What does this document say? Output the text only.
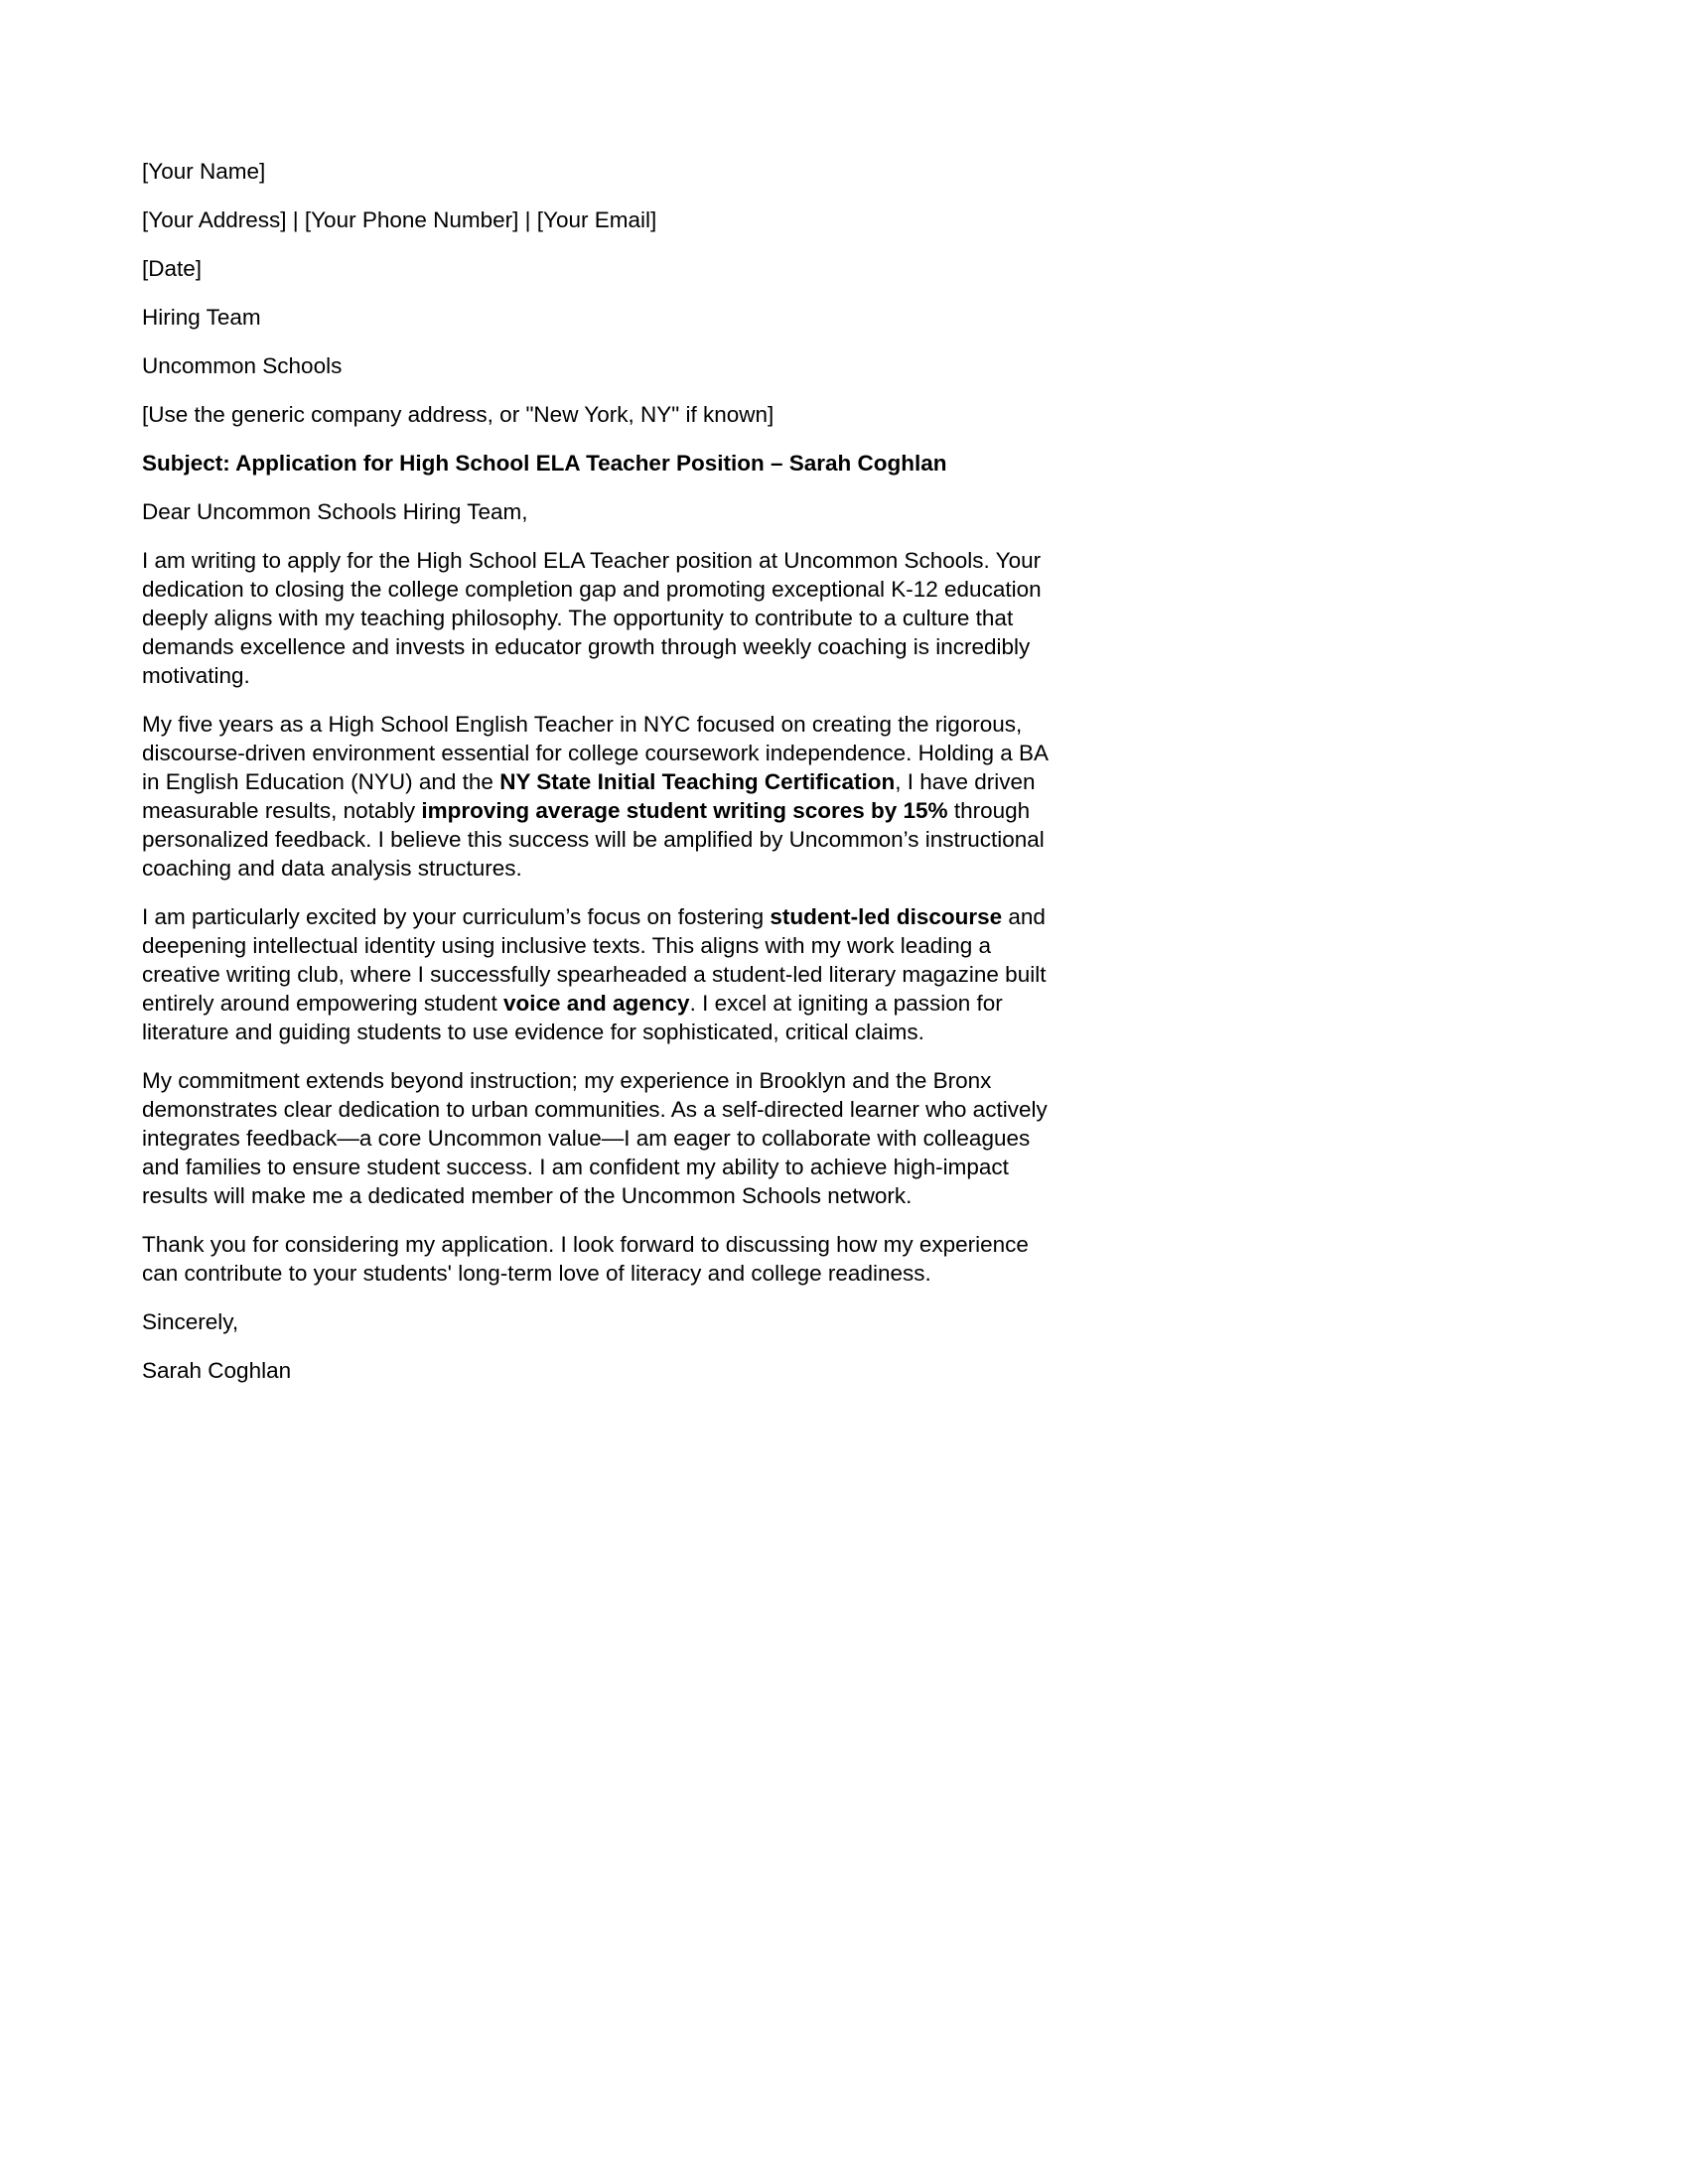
[Your Name]

[Your Address] | [Your Phone Number] | [Your Email]

[Date]

Hiring Team

Uncommon Schools

[Use the generic company address, or "New York, NY" if known]

Subject: Application for High School ELA Teacher Position – Sarah Coghlan

Dear Uncommon Schools Hiring Team,

I am writing to apply for the High School ELA Teacher position at Uncommon Schools. Your dedication to closing the college completion gap and promoting exceptional K-12 education deeply aligns with my teaching philosophy. The opportunity to contribute to a culture that demands excellence and invests in educator growth through weekly coaching is incredibly motivating.

My five years as a High School English Teacher in NYC focused on creating the rigorous, discourse-driven environment essential for college coursework independence. Holding a BA in English Education (NYU) and the NY State Initial Teaching Certification, I have driven measurable results, notably improving average student writing scores by 15% through personalized feedback. I believe this success will be amplified by Uncommon’s instructional coaching and data analysis structures.

I am particularly excited by your curriculum’s focus on fostering student-led discourse and deepening intellectual identity using inclusive texts. This aligns with my work leading a creative writing club, where I successfully spearheaded a student-led literary magazine built entirely around empowering student voice and agency. I excel at igniting a passion for literature and guiding students to use evidence for sophisticated, critical claims.

My commitment extends beyond instruction; my experience in Brooklyn and the Bronx demonstrates clear dedication to urban communities. As a self-directed learner who actively integrates feedback—a core Uncommon value—I am eager to collaborate with colleagues and families to ensure student success. I am confident my ability to achieve high-impact results will make me a dedicated member of the Uncommon Schools network.

Thank you for considering my application. I look forward to discussing how my experience can contribute to your students' long-term love of literacy and college readiness.

Sincerely,

Sarah Coghlan
